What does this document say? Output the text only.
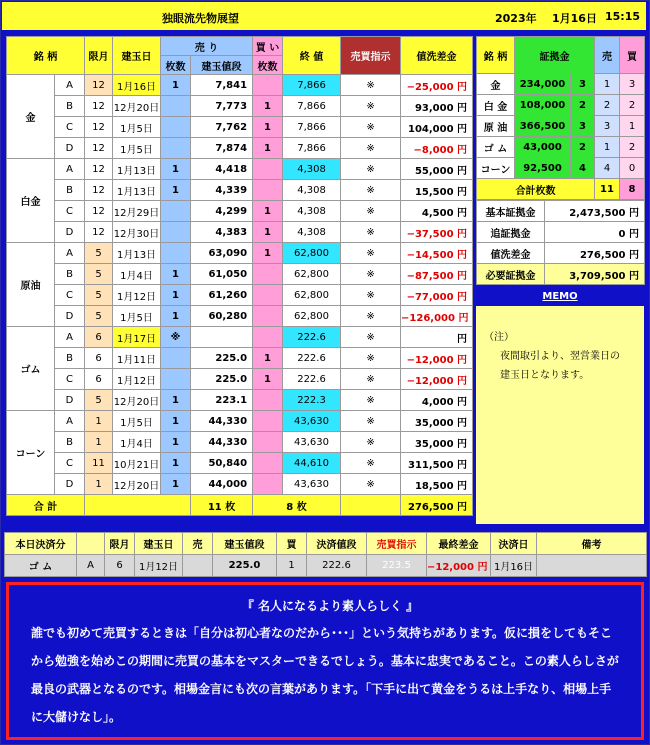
独眼流先物展望	2023年 1月16日 15:15
銘 柄		限月	建玉日	売 り		買 い	終 値	売買指示	値洗差金
				枚数	建玉値段	枚数			
金	A	12	1月16日	1	7,841		7,866	※	−25,000 円
	B	12	12月20日		7,773	1	7,866	※	93,000 円
	C	12	1月5日		7,762	1	7,866	※	104,000 円
	D	12	1月5日		7,874	1	7,866	※	−8,000 円
白金	A	12	1月13日	1	4,418		4,308	※	55,000 円
	B	12	1月13日	1	4,339		4,308	※	15,500 円
	C	12	12月29日		4,299	1	4,308	※	4,500 円
	D	12	12月30日		4,383	1	4,308	※	−37,500 円
原油	A	5	1月13日		63,090	1	62,800	※	−14,500 円
	B	5	1月4日	1	61,050		62,800	※	−87,500 円
	C	5	1月12日	1	61,260		62,800	※	−77,000 円
	D	5	1月5日	1	60,280		62,800	※	−126,000 円
ゴム	A	6	1月17日	※			222.6	※	円
	B	6	1月11日		225.0	1	222.6	※	−12,000 円
	C	6	1月12日		225.0	1	222.6	※	−12,000 円
	D	5	12月20日	1	223.1		222.3	※	4,000 円
コーン	A	1	1月5日	1	44,330		43,630	※	35,000 円
	B	1	1月4日	1	44,330		43,630	※	35,000 円
	C	11	10月21日	1	50,840		44,610	※	311,500 円
	D	1	12月20日	1	44,000		43,630	※	18,500 円
合 計					11 枚	8 枚			276,500 円
銘 柄	証拠金		売	買
金	234,000	3	1	3
白 金	108,000	2	2	2
原 油	366,500	3	3	1
ゴ ム	43,000	2	1	2
コーン	92,500	4	4	0
合計枚数			11	8
基本証拠金	2,473,500 円
追証拠金	0 円
値洗差金	276,500 円
必要証拠金	3,709,500 円
MEMO
（注）
夜間取引より、翌営業日の
建玉日となります。
本日決済分		限月	建玉日	売	建玉値段	買	決済値段	売買指示	最終差金	決済日	備考
ゴ ム	A	6	1月12日		225.0	1	222.6	223.5	−12,000 円	1月16日	
『 名人になるより素人らしく 』
誰でも初めて売買するときは「自分は初心者なのだから･･･」という気持ちがあります。仮に損をしてもそこ
から勉強を始めこの期間に売買の基本をマスターできるでしょう。基本に忠実であること。この素人らしさが
最良の武器となるのです。相場金言にも次の言葉があります。「下手に出て黄金をうるは上手なり、相場上手
に大儲けなし」。
